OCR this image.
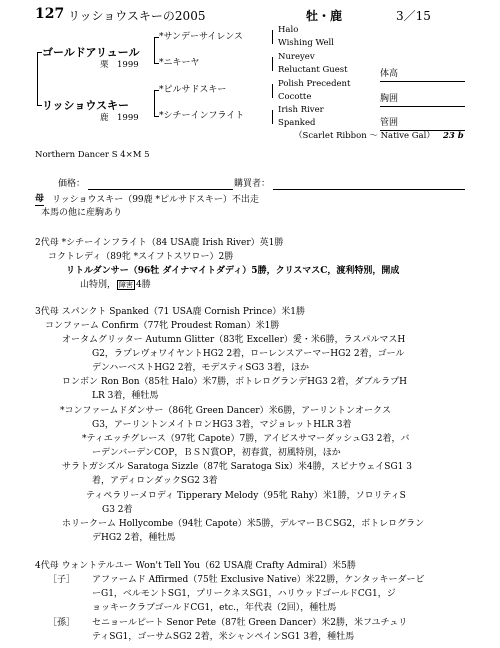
127 リッショウスキーの2005	牡・鹿	3／15
ゴールドアリュール
栗　1999
リッショウスキー
鹿　1999
*サンデーサイレンス
*ニキーヤ
*ピルサドスキー
*シチーインフライト
Halo
Wishing Well
Nureyev
Reluctant Guest
Polish Precedent
Cocotte
Irish River
Spanked
（Scarlet Ribbon ～ Native Gal） 23 b
体高
胸囲
管囲
Northern Dancer S 4×M 5
価格：	購買者：
母 リッショウスキー（99鹿 *ピルサドスキー）不出走
本馬の他に産駒あり
2代母 *シチーインフライト（84 USA鹿 Irish River）英1勝
コクトレディ（89牝 *スイフトスワロー）2勝
リトルダンサー（96牡 ダイナマイトダディ）5勝，クリスマスC，渡利特別，開成
山特別， 障害 4勝
3代母 スパンクト Spanked（71 USA鹿 Cornish Prince）米1勝
コンファーム Confirm（77牝 Proudest Roman）米1勝
オータムグリッター Autumn Glitter（83牝 Exceller）愛・米6勝，ラスパルマスH
G2，ラプレヴォワイヤントHG2 2着，ローレンスアーマーHG2 2着，ゴール
デンハーベストHG2 2着，モデスティSG3 3着，ほか
ロンボン Ron Bon（85牡 Halo）米7勝，ボトレログランデHG3 2着，ダブルラプH
LR 3着，種牡馬
*コンファームドダンサー（86牝 Green Dancer）米6勝，アーリントンオークス
G3，アーリントンメイトロンHG3 3着，マジョレットHLR 3着
*ティエッチグレース（97牝 Capote）7勝，アイビスサマーダッシュG3 2着，バ
ーデンバーデンCOP，ＢＳＮ賞OP，初春賞，初風特別，ほか
サラトガシズル Saratoga Sizzle（87牝 Saratoga Six）米4勝，スピナウェイSG1 3
着，アディロンダックSG2 3着
ティペラリーメロディ Tipperary Melody（95牝 Rahy）米1勝，ソロリティS
G3 2着
ホリークーム Hollycombe（94牡 Capote）米5勝，デルマーＢＣSG2，ボトレログラン
デHG2 2着，種牡馬
4代母 ウォントテルユー Won't Tell You（62 USA鹿 Crafty Admiral）米5勝
［子］ アファームド Affirmed（75牡 Exclusive Native）米22勝，ケンタッキーダービ
ーG1，ベルモントSG1，プリークネスSG1，ハリウッドゴールドCG1，ジ
ョッキークラブゴールドCG1，etc.，年代表（2回），種牡馬
［孫］ セニョールピート Senor Pete（87牡 Green Dancer）米2勝，米フユチュリ
ティSG1，ゴーサムSG2 2着，米シャンペインSG1 3着，種牡馬
